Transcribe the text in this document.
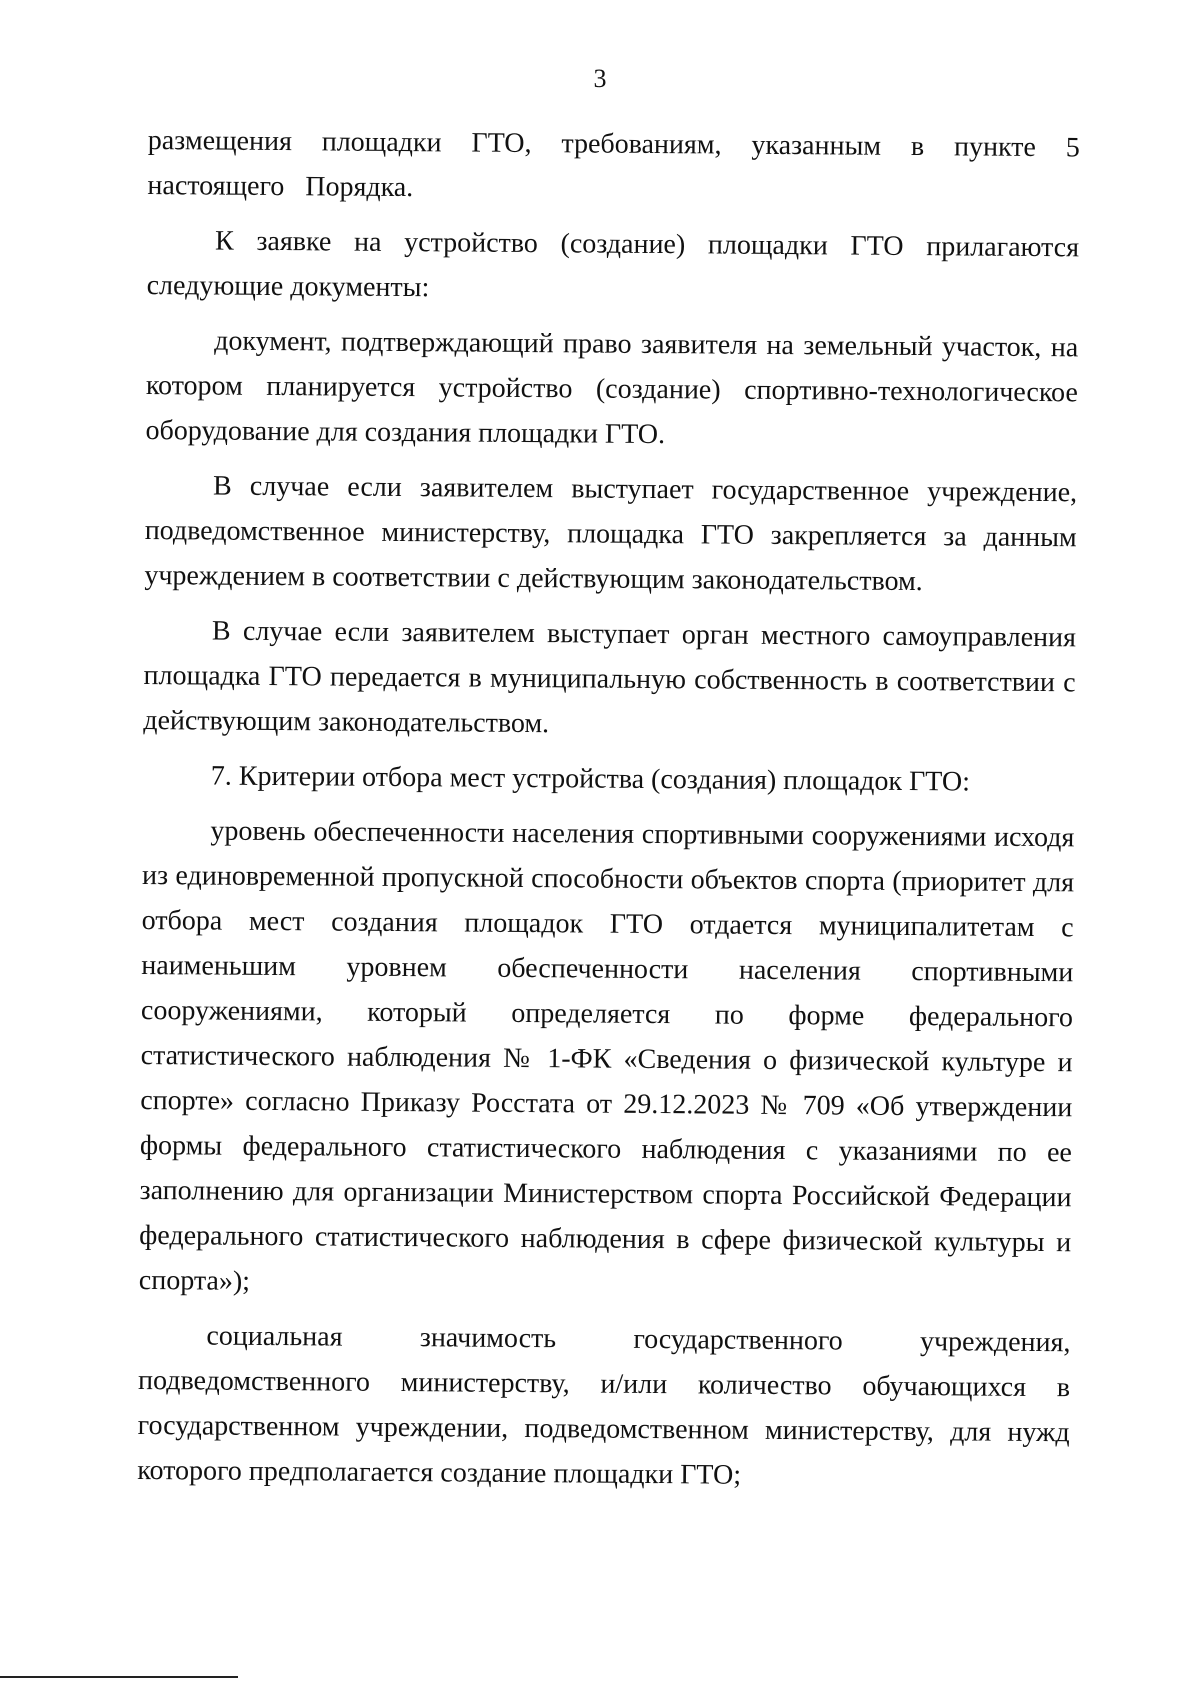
3

размещения площадки ГТО, требованиям, указанным в пункте 5 настоящего Порядка.

К заявке на устройство (создание) площадки ГТО прилагаются следующие документы:

документ, подтверждающий право заявителя на земельный участок, на котором планируется устройство (создание) спортивно-технологическое оборудование для создания площадки ГТО.

В случае если заявителем выступает государственное учреждение, подведомственное министерству, площадка ГТО закрепляется за данным учреждением в соответствии с действующим законодательством.

В случае если заявителем выступает орган местного самоуправления площадка ГТО передается в муниципальную собственность в соответствии с действующим законодательством.

7. Критерии отбора мест устройства (создания) площадок ГТО:

уровень обеспеченности населения спортивными сооружениями исходя из единовременной пропускной способности объектов спорта (приоритет для отбора мест создания площадок ГТО отдается муниципалитетам с наименьшим уровнем обеспеченности населения спортивными сооружениями, который определяется по форме федерального статистического наблюдения № 1-ФК «Сведения о физической культуре и спорте» согласно Приказу Росстата от 29.12.2023 № 709 «Об утверждении формы федерального статистического наблюдения с указаниями по ее заполнению для организации Министерством спорта Российской Федерации федерального статистического наблюдения в сфере физической культуры и спорта»);

социальная значимость государственного учреждения, подведомственного министерству, и/или количество обучающихся в государственном учреждении, подведомственном министерству, для нужд которого предполагается создание площадки ГТО;
